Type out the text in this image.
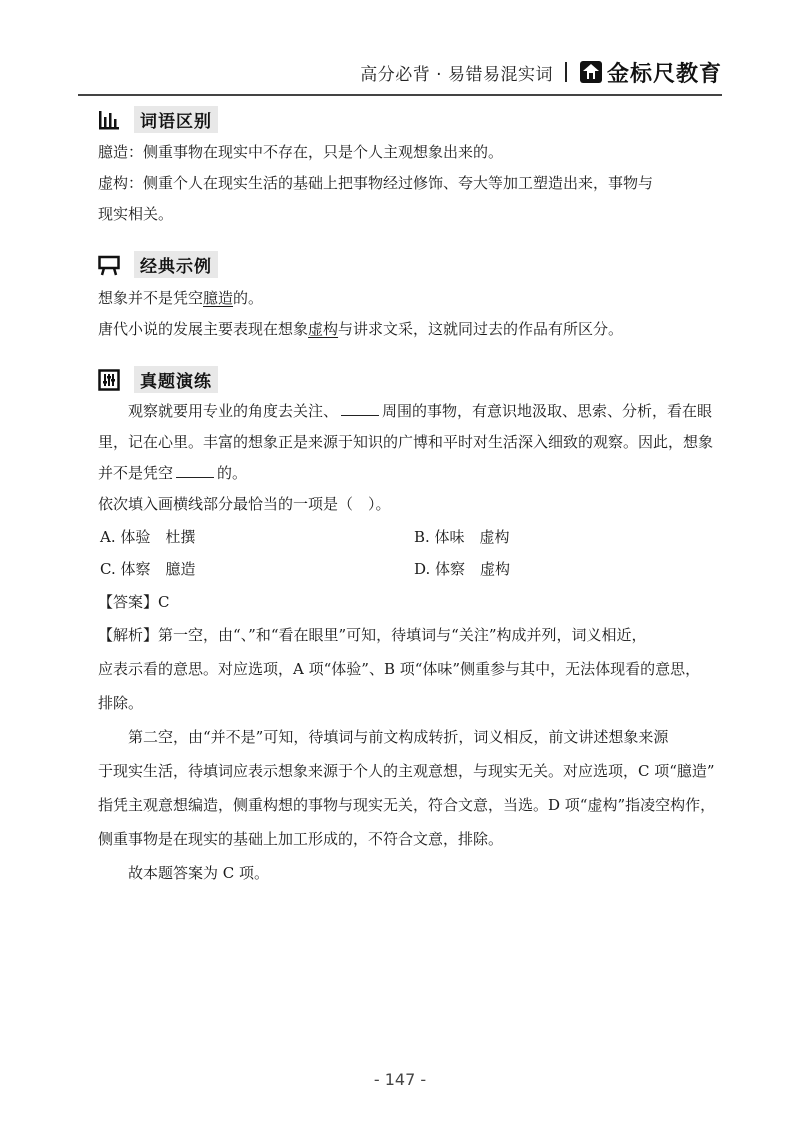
高分必背 · 易错易混实词 金标尺教育
词语区别
臆造：侧重事物在现实中不存在，只是个人主观想象出来的。
虚构：侧重个人在现实生活的基础上把事物经过修饰、夸大等加工塑造出来，事物与
现实相关。
经典示例
想象并不是凭空臆造的。
唐代小说的发展主要表现在想象虚构与讲求文采，这就同过去的作品有所区分。
真题演练
观察就要用专业的角度去关注、	周围的事物，有意识地汲取、思索、分析，看在眼里，记在心里。丰富的想象正是来源于知识的广博和平时对生活深入细致的观察。因此，想象并不是凭空	的。
依次填入画横线部分最恰当的一项是（　）。
A. 体验　杜撰	B. 体味　虚构
C. 体察　臆造	D. 体察　虚构
【答案】C
【解析】第一空，由“、”和“看在眼里”可知，待填词与“关注”构成并列，词义相近，
应表示看的意思。对应选项，A 项“体验”、B 项“体味”侧重参与其中，无法体现看的意思，
排除。
第二空，由“并不是”可知，待填词与前文构成转折，词义相反，前文讲述想象来源
于现实生活，待填词应表示想象来源于个人的主观意想，与现实无关。对应选项，C 项“臆造”
指凭主观意想编造，侧重构想的事物与现实无关，符合文意，当选。D 项“虚构”指凌空构作，
侧重事物是在现实的基础上加工形成的，不符合文意，排除。
故本题答案为 C 项。
- 147 -
